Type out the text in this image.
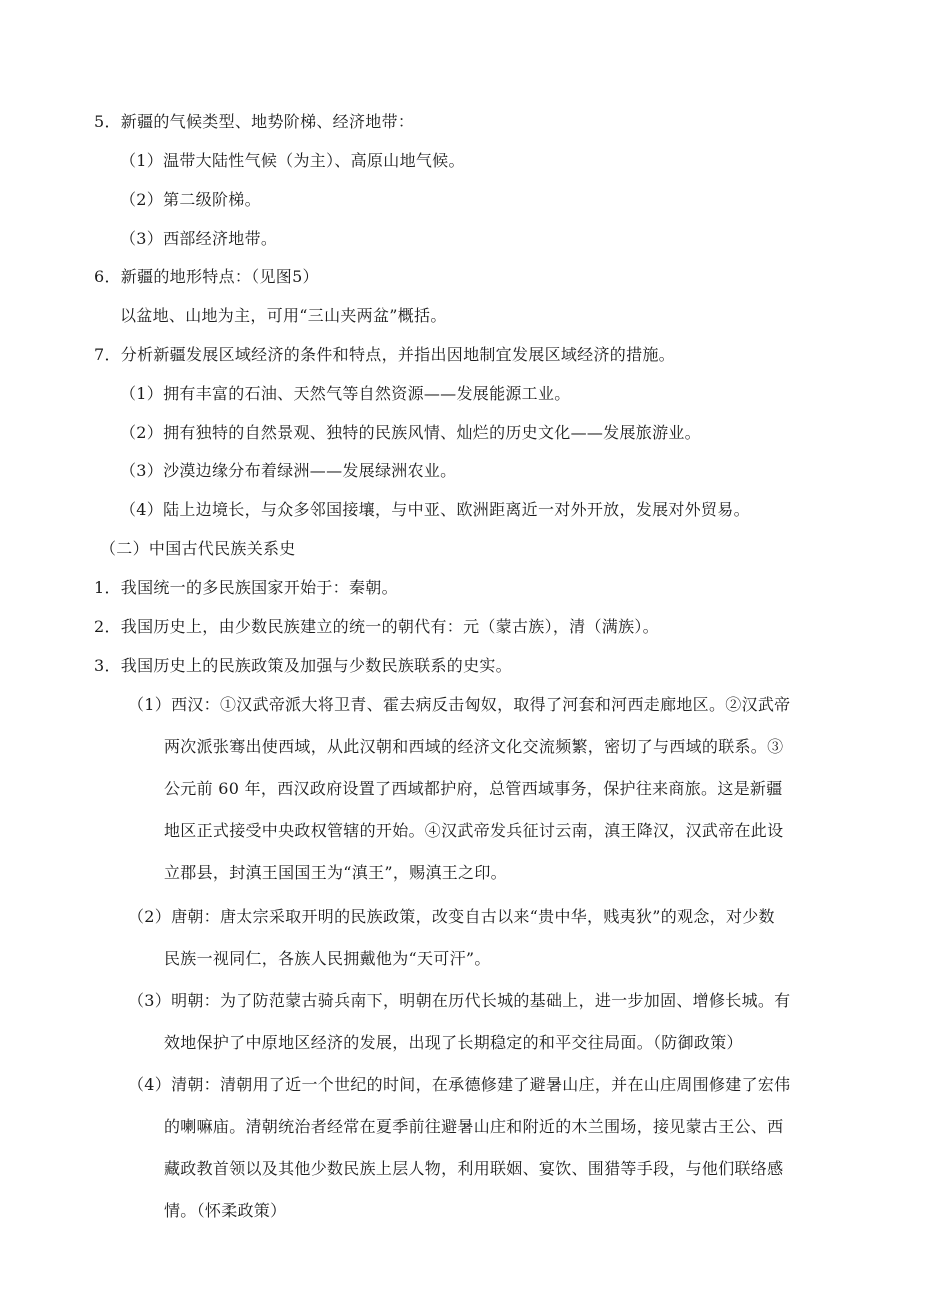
5．新疆的气候类型、地势阶梯、经济地带：
（1）温带大陆性气候（为主）、高原山地气候。
（2）第二级阶梯。
（3）西部经济地带。
6．新疆的地形特点：（见图5）
以盆地、山地为主，可用“三山夹两盆”概括。
7．分析新疆发展区域经济的条件和特点，并指出因地制宜发展区域经济的措施。
（1）拥有丰富的石油、天然气等自然资源——发展能源工业。
（2）拥有独特的自然景观、独特的民族风情、灿烂的历史文化——发展旅游业。
（3）沙漠边缘分布着绿洲——发展绿洲农业。
（4）陆上边境长，与众多邻国接壤，与中亚、欧洲距离近一对外开放，发展对外贸易。
（二）中国古代民族关系史
1．我国统一的多民族国家开始于：秦朝。
2．我国历史上，由少数民族建立的统一的朝代有：元（蒙古族），清（满族）。
3．我国历史上的民族政策及加强与少数民族联系的史实。
（1）西汉：①汉武帝派大将卫青、霍去病反击匈奴，取得了河套和河西走廊地区。②汉武帝
两次派张骞出使西域，从此汉朝和西域的经济文化交流频繁，密切了与西域的联系。③
公元前 60 年，西汉政府设置了西域都护府，总管西域事务，保护往来商旅。这是新疆
地区正式接受中央政权管辖的开始。④汉武帝发兵征讨云南，滇王降汉，汉武帝在此设
立郡县，封滇王国国王为“滇王”，赐滇王之印。
（2）唐朝：唐太宗采取开明的民族政策，改变自古以来“贵中华，贱夷狄”的观念，对少数
民族一视同仁，各族人民拥戴他为“天可汗”。
（3）明朝：为了防范蒙古骑兵南下，明朝在历代长城的基础上，进一步加固、增修长城。有
效地保护了中原地区经济的发展，出现了长期稳定的和平交往局面。（防御政策）
（4）清朝：清朝用了近一个世纪的时间，在承德修建了避暑山庄，并在山庄周围修建了宏伟
的喇嘛庙。清朝统治者经常在夏季前往避暑山庄和附近的木兰围场，接见蒙古王公、西
藏政教首领以及其他少数民族上层人物，利用联姻、宴饮、围猎等手段，与他们联络感
情。（怀柔政策）
